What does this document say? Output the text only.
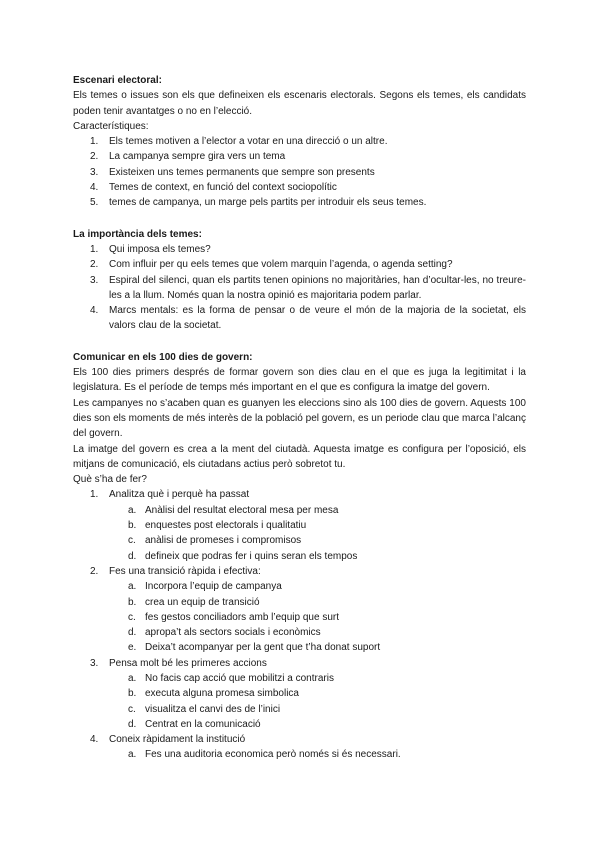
Escenari electoral:
Els temes o issues son els que defineixen els escenaris electorals. Segons els temes, els candidats poden tenir avantatges o no en l’elecció.
Característiques:
1. Els temes motiven a l’elector a votar en una direcció o un altre.
2. La campanya sempre gira vers un tema
3. Existeixen uns temes permanents que sempre son presents
4. Temes de context, en funció del context sociopolític
5. temes de campanya, un marge pels partits per introduir els seus temes.
La importància dels temes:
1. Qui imposa els temes?
2. Com influir per qu eels temes que volem marquin l’agenda, o agenda setting?
3. Espiral del silenci, quan els partits tenen opinions no majoritàries, han d’ocultar-les, no treure-les a la llum. Només quan la nostra opinió es majoritaria podem parlar.
4. Marcs mentals: es la forma de pensar o de veure el món de la majoria de la societat, els valors clau de la societat.
Comunicar en els 100 dies de govern:
Els 100 dies primers després de formar govern son dies clau en el que es juga la legitimitat i la legislatura. Es el període de temps més important en el que es configura la imatge del govern.
Les campanyes no s’acaben quan es guanyen les eleccions sino als 100 dies de govern. Aquests 100 dies son els moments de més interès de la població pel govern, es un periode clau que marca l’alcanç del govern.
La imatge del govern es crea a la ment del ciutadà. Aquesta imatge es configura per l’oposició, els mitjans de comunicació, els ciutadans actius però sobretot tu.
Què s’ha de fer?
1. Analitza què i perquè ha passat
a. Anàlisi del resultat electoral mesa per mesa
b. enquestes post electorals i qualitatiu
c. anàlisi de promeses i compromisos
d. defineix que podras fer i quins seran els tempos
2. Fes una transició ràpida i efectiva:
a. Incorpora l’equip de campanya
b. crea un equip de transició
c. fes gestos conciliadors amb l’equip que surt
d. apropa’t als sectors socials i econòmics
e. Deixa’t acompanyar per la gent que t’ha donat suport
3. Pensa molt bé les primeres accions
a. No facis cap acció que mobilitzi a contraris
b. executa alguna promesa simbolica
c. visualitza el canvi des de l’inici
d. Centrat en la comunicació
4. Coneix ràpidament la institució
a. Fes una auditoria economica però només si és necessari.
